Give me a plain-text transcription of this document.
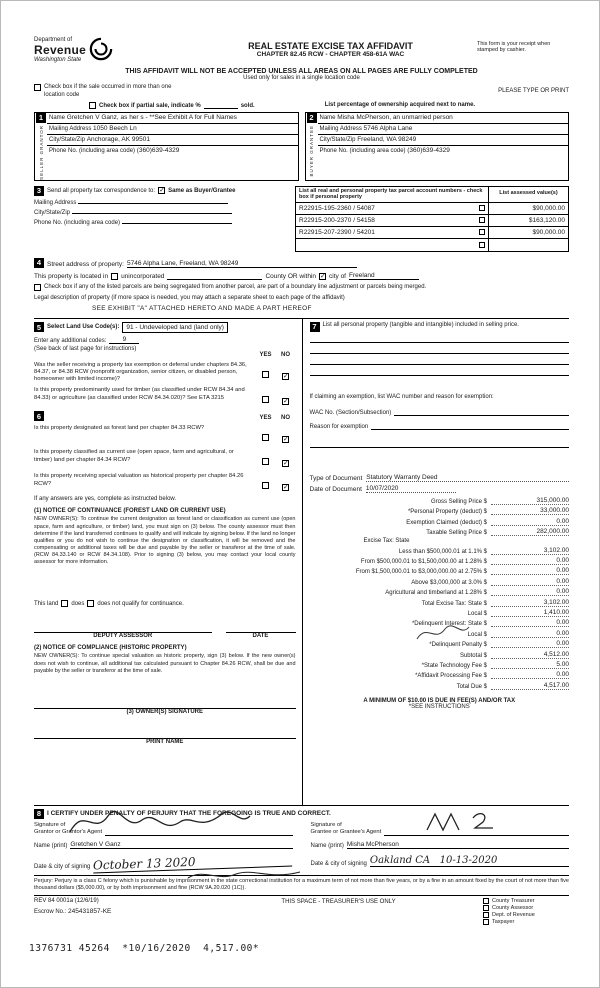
Department of
Revenue
Washington State
REAL ESTATE EXCISE TAX AFFIDAVIT
CHAPTER 82.45 RCW - CHAPTER 458-61A WAC
This form is your receipt when stamped by cashier.
THIS AFFIDAVIT WILL NOT BE ACCEPTED UNLESS ALL AREAS ON ALL PAGES ARE FULLY COMPLETED
Used only for sales in a single location code
Check box if the sale occurred in more than one location code
PLEASE TYPE OR PRINT
Check box if partial sale, indicate %	sold.	List percentage of ownership acquired next to name.
1
SELLER GRANTOR
Name Gretchen V Ganz, as her s - **See Exhibit A for Full Names
Mailing Address 1050 Beech Ln
City/State/Zip Anchorage, AK 99501
Phone No. (including area code) (360)639-4329
2
BUYER GRANTEE
Name Misha McPherson, an unmarried person
Mailing Address 5746 Alpha Lane
City/State/Zip Freeland, WA 98249
Phone No. (including area code) (360)639-4329
3 Send all property tax correspondence to: ✓ Same as Buyer/Grantee
Mailing Address
City/State/Zip
Phone No. (including area code)
List all real and personal property tax parcel account numbers - check box if personal property
List assessed value(s)
R22915-195-2360 / 54087	$90,000.00
R22915-200-2370 / 54158	$163,120.00
R22915-207-2390 / 54201	$90,000.00
4 Street address of property: 5746 Alpha Lane, Freeland, WA 98249
This property is located in unincorporated	County OR within ✓ city of Freeland
Check box if any of the listed parcels are being segregated from another parcel, are part of a boundary line adjustment or parcels being merged.
Legal description of property (if more space is needed, you may attach a separate sheet to each page of the affidavit)
SEE EXHIBIT "A" ATTACHED HERETO AND MADE A PART HEREOF
5 Select Land Use Code(s):	91 - Undeveloped land (land only)
Enter any additional codes:	9
(See back of last page for instructions)
YES	NO
Was the seller receiving a property tax exemption or deferral under chapters 84.36, 84.37, or 84.38 RCW (nonprofit organization, senior citizen, or disabled person, homeowner with limited income)?	✓
Is this property predominantly used for timber (as classified under RCW 84.34 and 84.33) or agriculture (as classified under RCW 84.34.020)? See ETA 3215
✓
6	YES	NO
Is this property designated as forest land per chapter 84.33 RCW?
✓
Is this property classified as current use (open space, farm and agricultural, or timber) land per chapter 84.34 RCW?
✓
Is this property receiving special valuation as historical property per chapter 84.26 RCW?
✓
If any answers are yes, complete as instructed below.
(1) NOTICE OF CONTINUANCE (FOREST LAND OR CURRENT USE)
NEW OWNER(S): To continue the current designation as forest land or classification as current use (open space, farm and agriculture, or timber) land, you must sign on (3) below. The county assessor must then determine if the land transferred continues to qualify and will indicate by signing below. If the land no longer qualifies or you do not wish to continue the designation or classification, it will be removed and the compensating or additional taxes will be due and payable by the seller or transferor at the time of sale. (RCW 84.33.140 or RCW 84.34.108). Prior to signing (3) below, you may contact your local county assessor for more information.
This land does does not qualify for continuance.
DEPUTY ASSESSOR	DATE
(2) NOTICE OF COMPLIANCE (HISTORIC PROPERTY)
NEW OWNER(S): To continue special valuation as historic property, sign (3) below. If the new owner(s) does not wish to continue, all additional tax calculated pursuant to Chapter 84.26 RCW, shall be due and payable by the seller or transferor at the time of sale.
(3) OWNER(S) SIGNATURE
PRINT NAME
7 List all personal property (tangible and intangible) included in selling price.
If claiming an exemption, list WAC number and reason for exemption:
WAC No. (Section/Subsection)
Reason for exemption
Type of Document Statutory Warranty Deed
Date of Document 10/07/2020
Gross Selling Price $	315,000.00
*Personal Property (deduct) $	33,000.00
Exemption Claimed (deduct) $	0.00
Taxable Selling Price $	282,000.00
Excise Tax: State
Less than $500,000.01 at 1.1% $	3,102.00
From $500,000.01 to $1,500,000.00 at 1.28% $	0.00
From $1,500,000.01 to $3,000,000.00 at 2.75% $	0.00
Above $3,000,000 at 3.0% $	0.00
Agricultural and timberland at 1.28% $	0.00
Total Excise Tax: State $	3,102.00
Local $	1,410.00
*Delinquent Interest: State $	0.00
Local $	0.00
*Delinquent Penalty $	0.00
Subtotal $	4,512.00
*State Technology Fee $	5.00
*Affidavit Processing Fee $	0.00
Total Due $	4,517.00
A MINIMUM OF $10.00 IS DUE IN FEE(S) AND/OR TAX
*SEE INSTRUCTIONS
8 I CERTIFY UNDER PENALTY OF PERJURY THAT THE FOREGOING IS TRUE AND CORRECT.
Signature of
Grantor or Grantor's Agent
Name (print) Gretchen V Ganz
Date & city of signing October 13 2020
Signature of
Grantee or Grantee's Agent
Name (print) Misha McPherson
Date & city of signing Oakland CA   10-13-2020
Perjury: Perjury is a class C felony which is punishable by imprisonment in the state correctional institution for a maximum term of not more than five years, or by a fine in an amount fixed by the court of not more than five thousand dollars ($5,000.00), or by both imprisonment and fine (RCW 9A.20.020 (1C)).
REV 84 0001a (12/6/19)
Escrow No.: 245431857-KE
THIS SPACE - TREASURER'S USE ONLY	County Treasurer
County Assessor
Dept. of Revenue
Taxpayer
1376731 45264  *10/16/2020  4,517.00*
